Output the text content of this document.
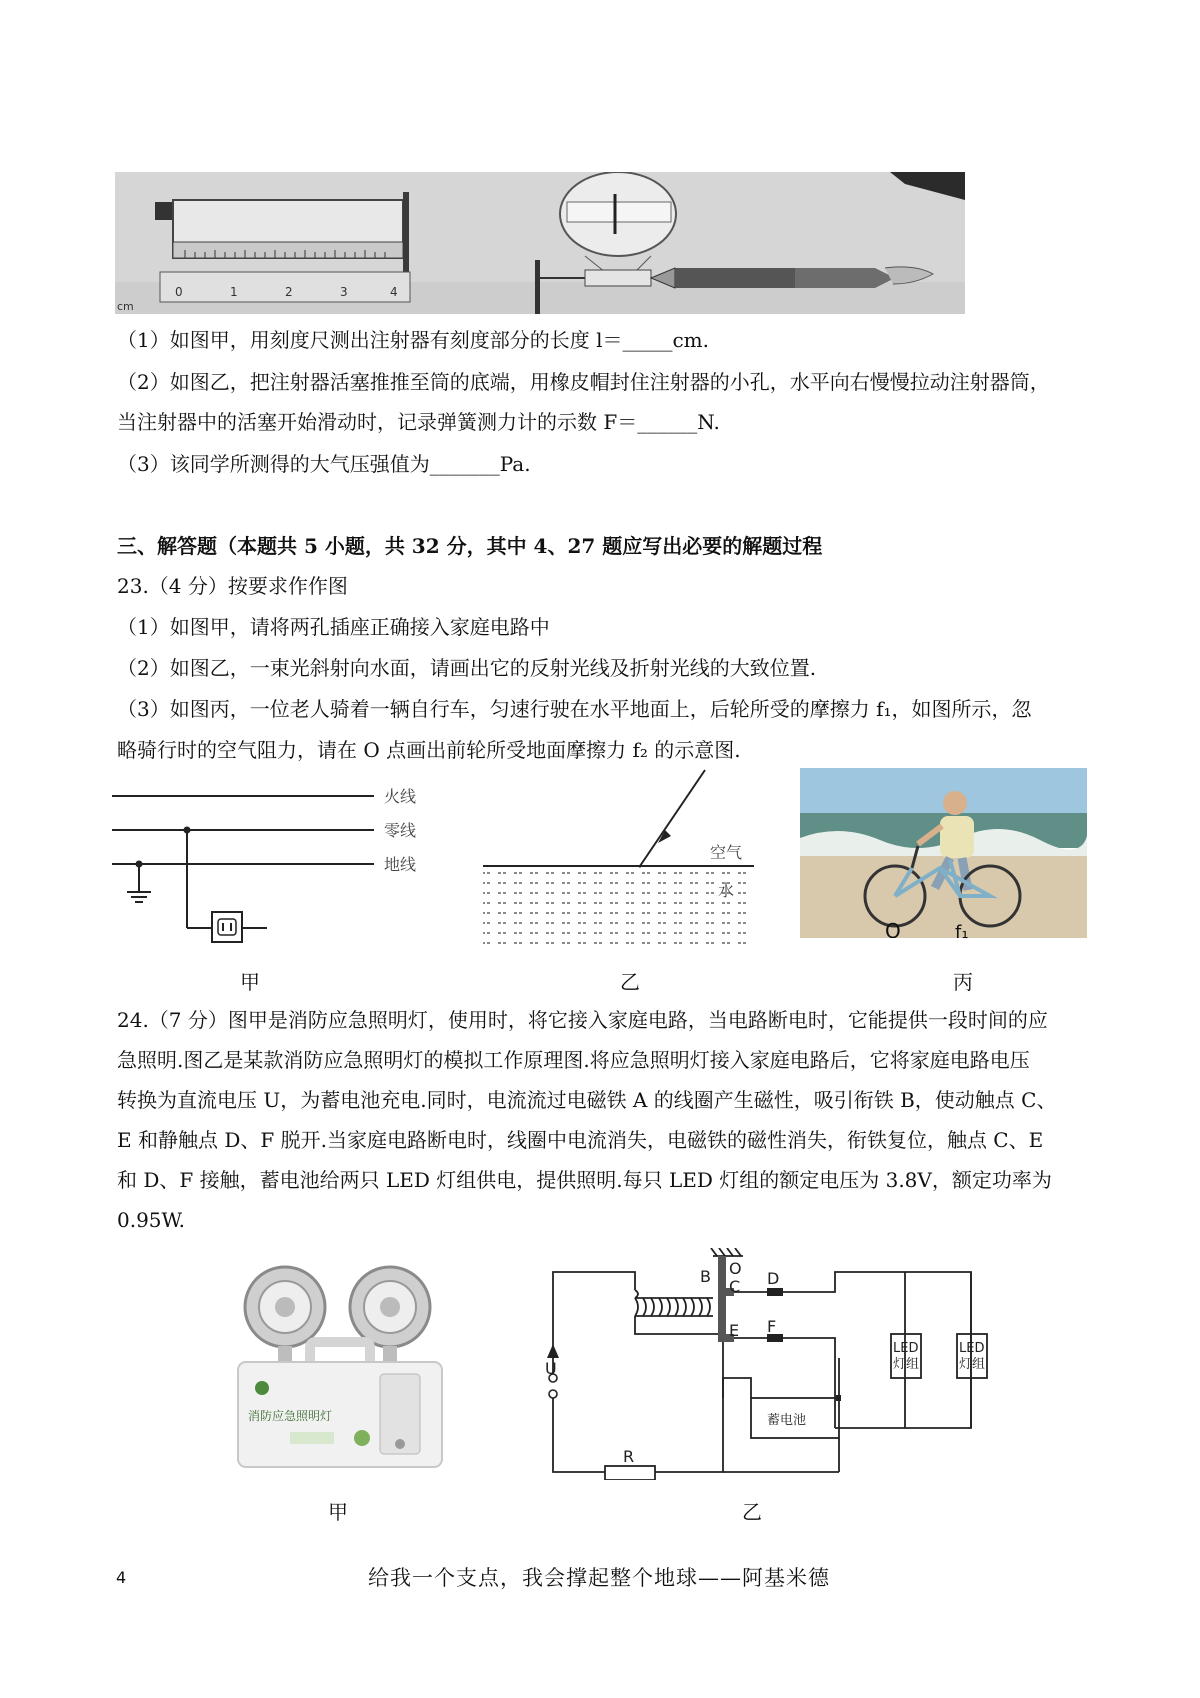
0	1	2	3	4
cm
（1）如图甲，用刻度尺测出注射器有刻度部分的长度 l＝_____cm.
（2）如图乙，把注射器活塞推推至筒的底端，用橡皮帽封住注射器的小孔，水平向右慢慢拉动注射器筒，
当注射器中的活塞开始滑动时，记录弹簧测力计的示数 F＝______N.
（3）该同学所测得的大气压强值为_______Pa.
三、解答题（本题共 5 小题，共 32 分，其中 4、27 题应写出必要的解题过程
23.（4 分）按要求作作图
（1）如图甲，请将两孔插座正确接入家庭电路中
（2）如图乙，一束光斜射向水面，请画出它的反射光线及折射光线的大致位置.
（3）如图丙，一位老人骑着一辆自行车，匀速行驶在水平地面上，后轮所受的摩擦力 f₁，如图所示，忽
略骑行时的空气阻力，请在 O 点画出前轮所受地面摩擦力 f₂ 的示意图.
火线
零线
地线
空气
水
O	f₁
甲	乙	丙
24.（7 分）图甲是消防应急照明灯，使用时，将它接入家庭电路，当电路断电时，它能提供一段时间的应
急照明.图乙是某款消防应急照明灯的模拟工作原理图.将应急照明灯接入家庭电路后，它将家庭电路电压
转换为直流电压 U，为蓄电池充电.同时，电流流过电磁铁 A 的线圈产生磁性，吸引衔铁 B，使动触点 C、
E 和静触点 D、F 脱开.当家庭电路断电时，线圈中电流消失，电磁铁的磁性消失，衔铁复位，触点 C、E
和 D、F 接触，蓄电池给两只 LED 灯组供电，提供照明.每只 LED 灯组的额定电压为 3.8V，额定功率为
0.95W.
消防应急照明灯
甲
O
B
C D
E F
U
R
蓄电池
LED
灯组
LED
灯组
乙
4	给我一个支点，我会撑起整个地球——阿基米德
